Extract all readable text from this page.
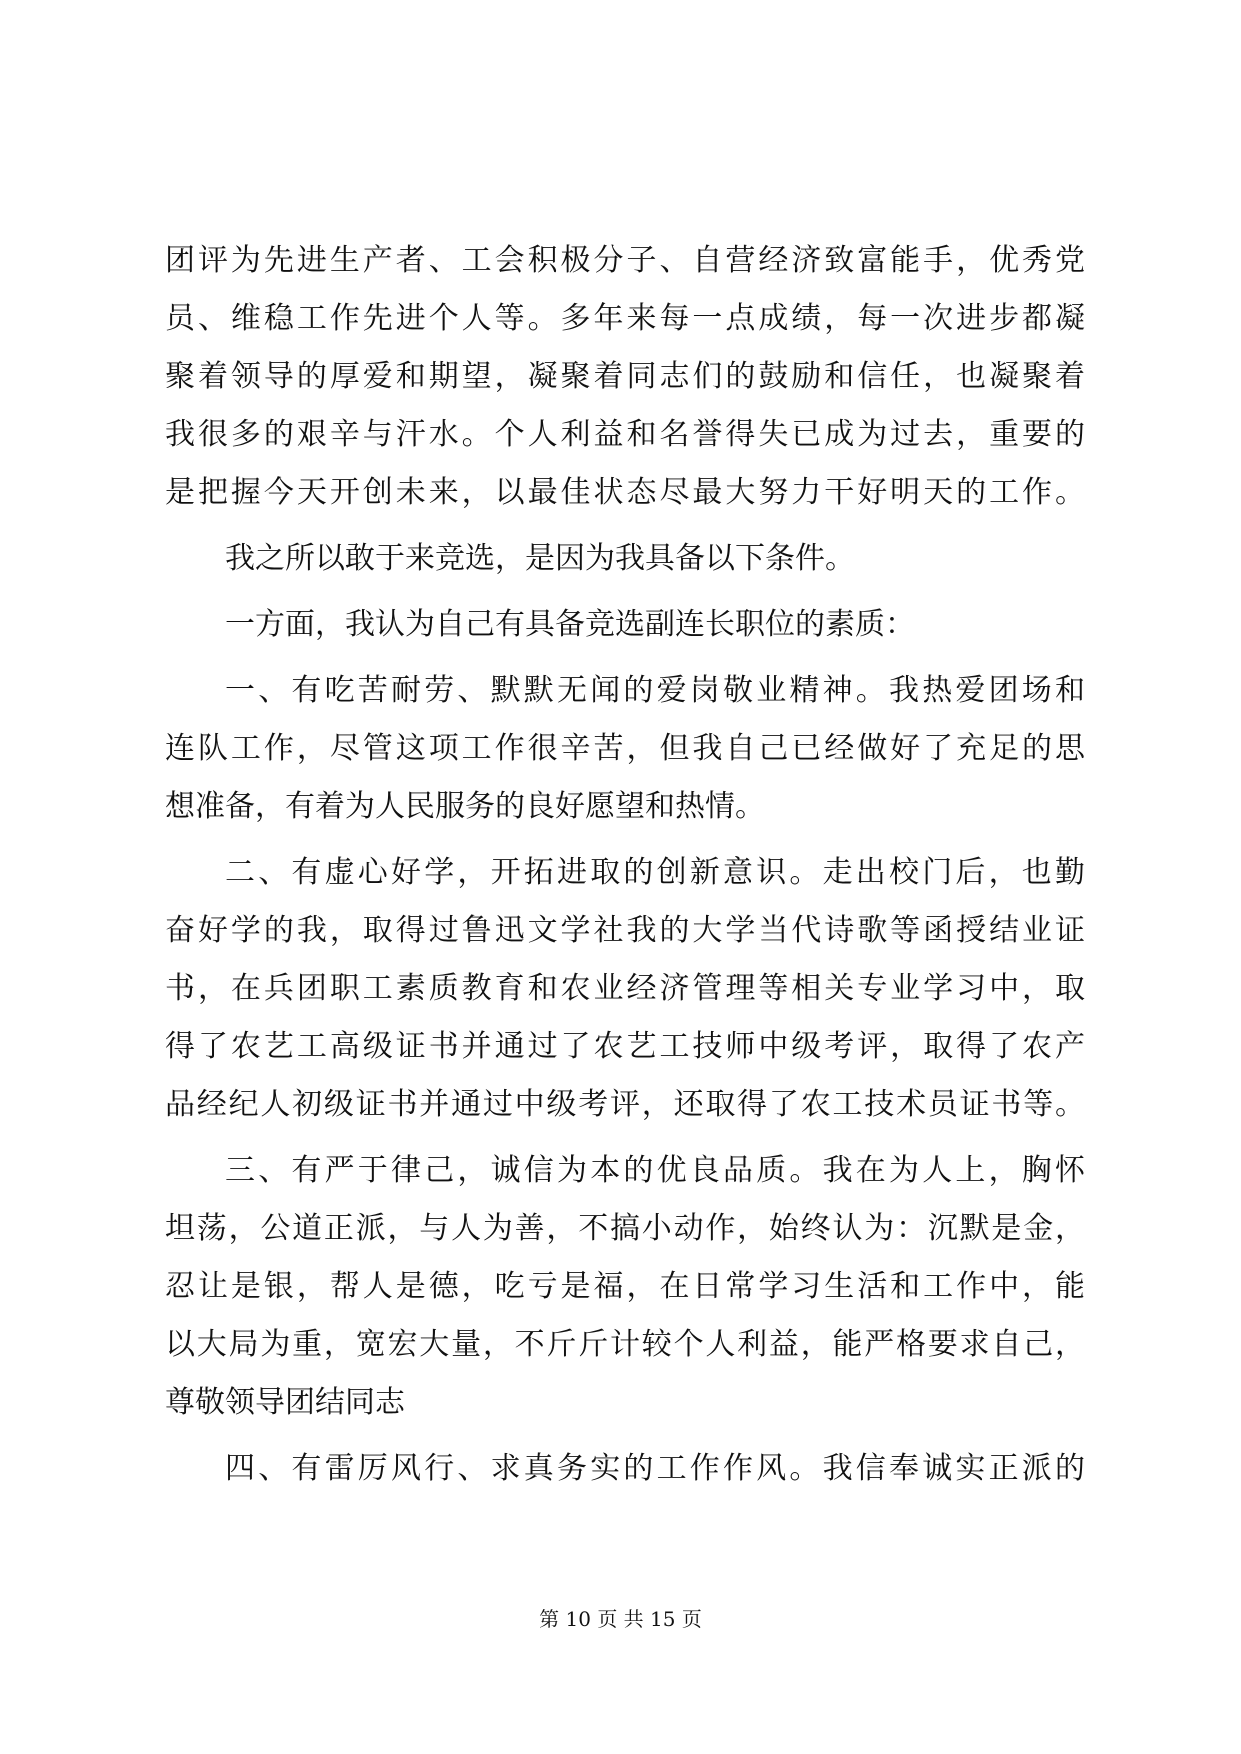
团评为先进生产者、工会积极分子、自营经济致富能手，优秀党
员、维稳工作先进个人等。多年来每一点成绩，每一次进步都凝
聚着领导的厚爱和期望，凝聚着同志们的鼓励和信任，也凝聚着
我很多的艰辛与汗水。个人利益和名誉得失已成为过去，重要的
是把握今天开创未来，以最佳状态尽最大努力干好明天的工作。
我之所以敢于来竞选，是因为我具备以下条件。
一方面，我认为自己有具备竞选副连长职位的素质：
一、有吃苦耐劳、默默无闻的爱岗敬业精神。我热爱团场和
连队工作，尽管这项工作很辛苦，但我自己已经做好了充足的思
想准备，有着为人民服务的良好愿望和热情。
二、有虚心好学，开拓进取的创新意识。走出校门后，也勤
奋好学的我，取得过鲁迅文学社我的大学当代诗歌等函授结业证
书，在兵团职工素质教育和农业经济管理等相关专业学习中，取
得了农艺工高级证书并通过了农艺工技师中级考评，取得了农产
品经纪人初级证书并通过中级考评，还取得了农工技术员证书等。
三、有严于律己，诚信为本的优良品质。我在为人上，胸怀
坦荡，公道正派，与人为善，不搞小动作，始终认为：沉默是金，
忍让是银，帮人是德，吃亏是福，在日常学习生活和工作中，能
以大局为重，宽宏大量，不斤斤计较个人利益，能严格要求自己，
尊敬领导团结同志
四、有雷厉风行、求真务实的工作作风。我信奉诚实正派的
第 10 页 共 15 页
